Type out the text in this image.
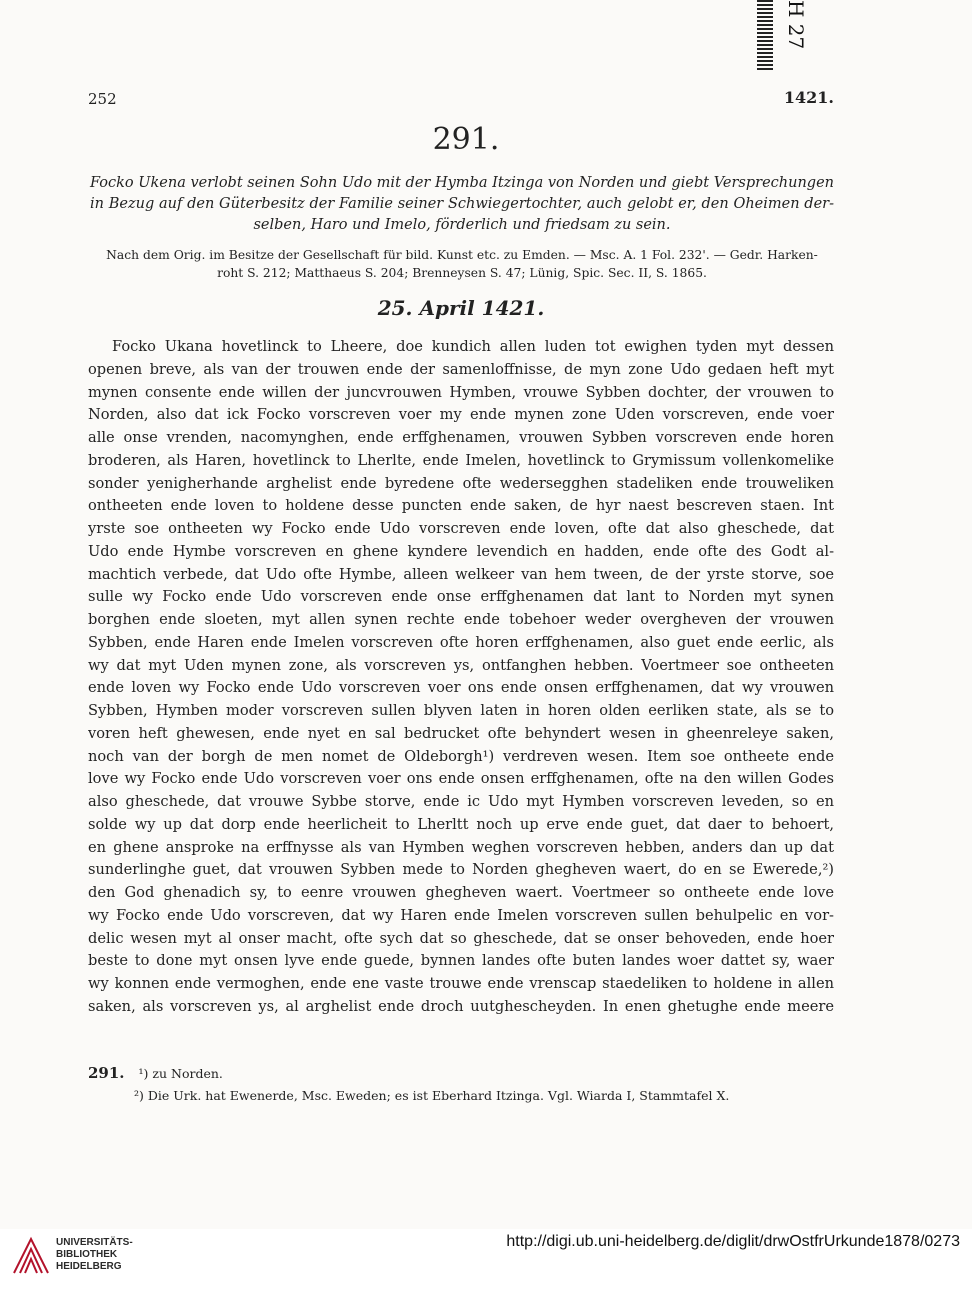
H 27
252	1421.
291.
Focko Ukena verlobt seinen Sohn Udo mit der Hymba Itzinga von Norden und giebt Versprechungen
in Bezug auf den Güterbesitz der Familie seiner Schwiegertochter, auch gelobt er, den Oheimen der-
selben, Haro und Imelo, förderlich und friedsam zu sein.
Nach dem Orig. im Besitze der Gesellschaft für bild. Kunst etc. zu Emden. — Msc. A. 1 Fol. 232'. — Gedr. Harken-
roht S. 212; Matthaeus S. 204; Brenneysen S. 47; Lünig, Spic. Sec. II, S. 1865.
25. April 1421.
Focko Ukana hovetlinck to Lheere, doe kundich allen luden tot ewighen tyden myt dessen
openen breve, als van der trouwen ende der samenloffnisse, de myn zone Udo gedaen heft myt
mynen consente ende willen der juncvrouwen Hymben, vrouwe Sybben dochter, der vrouwen to
Norden, also dat ick Focko vorscreven voer my ende mynen zone Uden vorscreven, ende voer
alle onse vrenden, nacomynghen, ende erffghenamen, vrouwen Sybben vorscreven ende horen
broderen, als Haren, hovetlinck to Lherlte, ende Imelen, hovetlinck to Grymissum vollenkomelike
sonder yenigherhande arghelist ende byredene ofte wedersegghen stadeliken ende trouweliken
ontheeten ende loven to holdene desse puncten ende saken, de hyr naest bescreven staen. Int
yrste soe ontheeten wy Focko ende Udo vorscreven ende loven, ofte dat also gheschede, dat
Udo ende Hymbe vorscreven en ghene kyndere levendich en hadden, ende ofte des Godt al-
machtich verbede, dat Udo ofte Hymbe, alleen welkeer van hem tween, de der yrste storve, soe
sulle wy Focko ende Udo vorscreven ende onse erffghenamen dat lant to Norden myt synen
borghen ende sloeten, myt allen synen rechte ende tobehoer weder overgheven der vrouwen
Sybben, ende Haren ende Imelen vorscreven ofte horen erffghenamen, also guet ende eerlic, als
wy dat myt Uden mynen zone, als vorscreven ys, ontfanghen hebben. Voertmeer soe ontheeten
ende loven wy Focko ende Udo vorscreven voer ons ende onsen erffghenamen, dat wy vrouwen
Sybben, Hymben moder vorscreven sullen blyven laten in horen olden eerliken state, als se to
voren heft ghewesen, ende nyet en sal bedrucket ofte behyndert wesen in gheenreleye saken,
noch van der borgh de men nomet de Oldeborgh¹) verdreven wesen. Item soe ontheete ende
love wy Focko ende Udo vorscreven voer ons ende onsen erffghenamen, ofte na den willen Godes
also gheschede, dat vrouwe Sybbe storve, ende ic Udo myt Hymben vorscreven leveden, so en
solde wy up dat dorp ende heerlicheit to Lherltt noch up erve ende guet, dat daer to behoert,
en ghene ansproke na erffnysse als van Hymben weghen vorscreven hebben, anders dan up dat
sunderlinghe guet, dat vrouwen Sybben mede to Norden ghegheven waert, do en se Ewerede,²)
den God ghenadich sy, to eenre vrouwen ghegheven waert. Voertmeer so ontheete ende love
wy Focko ende Udo vorscreven, dat wy Haren ende Imelen vorscreven sullen behulpelic en vor-
delic wesen myt al onser macht, ofte sych dat so gheschede, dat se onser behoveden, ende hoer
beste to done myt onsen lyve ende guede, bynnen landes ofte buten landes woer dattet sy, waer
wy konnen ende vermoghen, ende ene vaste trouwe ende vrenscap staedeliken to holdene in allen
saken, als vorscreven ys, al arghelist ende droch uutghescheyden. In enen ghetughe ende meere
291. ¹) zu Norden.
²) Die Urk. hat Ewenerde, Msc. Eweden; es ist Eberhard Itzinga. Vgl. Wiarda I, Stammtafel X.
UNIVERSITÄTS-
BIBLIOTHEK
HEIDELBERG
http://digi.ub.uni-heidelberg.de/diglit/drwOstfrUrkunde1878/0273
